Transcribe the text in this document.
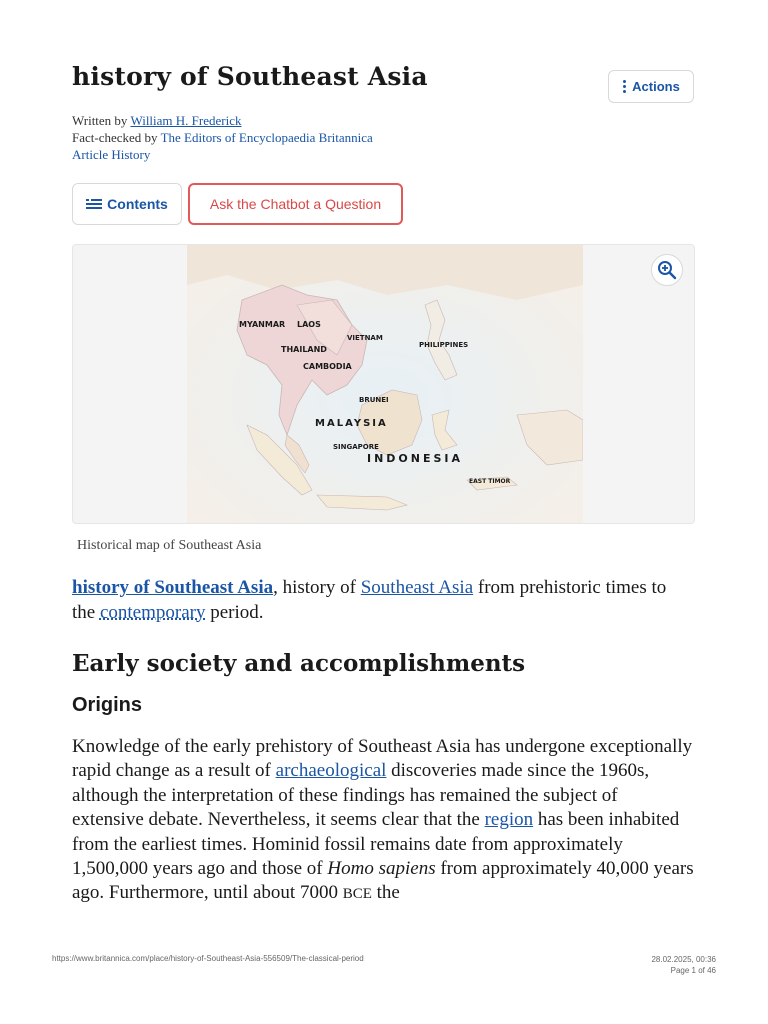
history of Southeast Asia	Actions
Written by William H. Frederick
Fact-checked by The Editors of Encyclopaedia Britannica
Article History
Contents	Ask the Chatbot a Question
MYANMAR LAOS
VIETNAM
THAILAND
CAMBODIA
PHILIPPINES
BRUNEI
MALAYSIA
SINGAPORE
INDONESIA
EAST TIMOR
Historical map of Southeast Asia

history of Southeast Asia, history of Southeast Asia from prehistoric times to the contemporary period.

Early society and accomplishments
Origins

Knowledge of the early prehistory of Southeast Asia has undergone exceptionally rapid change as a result of archaeological discoveries made since the 1960s, although the interpretation of these findings has remained the subject of extensive debate. Nevertheless, it seems clear that the region has been inhabited from the earliest times. Hominid fossil remains date from approximately 1,500,000 years ago and those of Homo sapiens from approximately 40,000 years ago. Furthermore, until about 7000 BCE the

https://www.britannica.com/place/history-of-Southeast-Asia-556509/The-classical-period	28.02.2025, 00:36
Page 1 of 46
